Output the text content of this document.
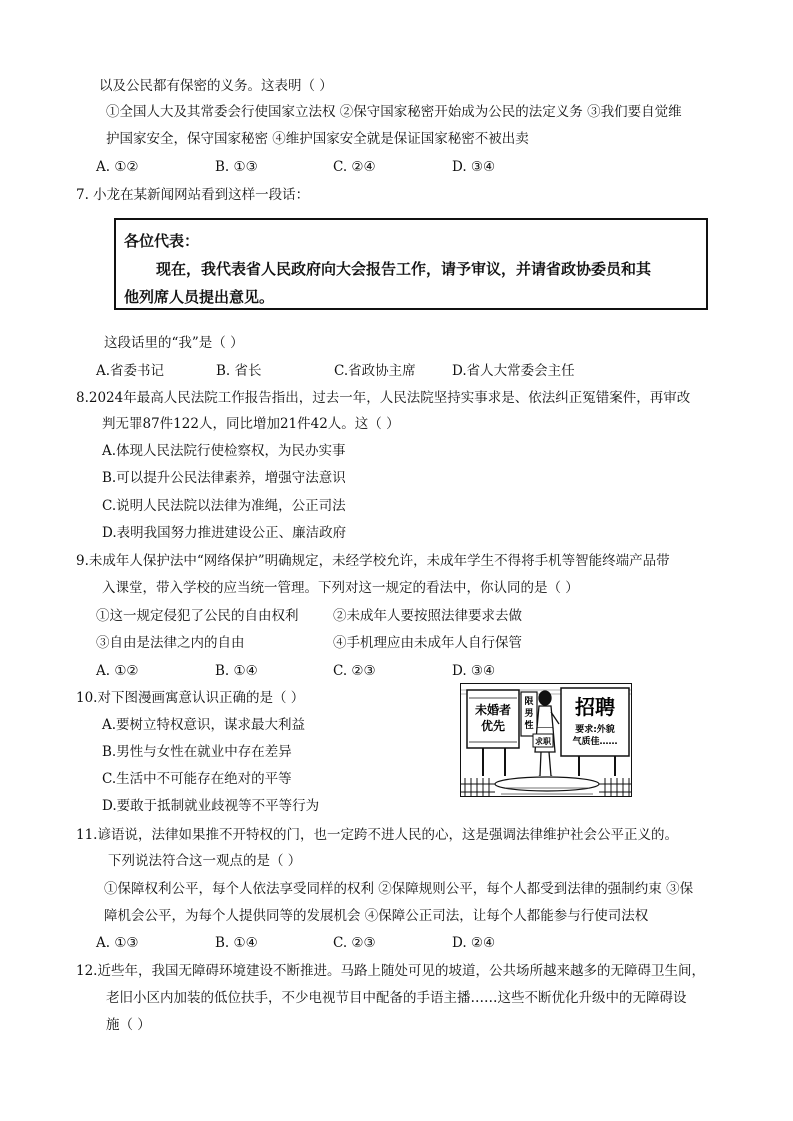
以及公民都有保密的义务。这表明（ ）
①全国人大及其常委会行使国家立法权 ②保守国家秘密开始成为公民的法定义务 ③我们要自觉维
护国家安全，保守国家秘密 ④维护国家安全就是保证国家秘密不被出卖
A. ①②	B. ①③	C. ②④	D. ③④
7. 小龙在某新闻网站看到这样一段话：
各位代表：
现在，我代表省人民政府向大会报告工作，请予审议，并请省政协委员和其
他列席人员提出意见。
这段话里的“我”是（ ）
A.省委书记	B. 省长	C.省政协主席	D.省人大常委会主任
8.2024年最高人民法院工作报告指出，过去一年，人民法院坚持实事求是、依法纠正冤错案件，再审改
判无罪87件122人，同比增加21件42人。这（ ）
A.体现人民法院行使检察权，为民办实事
B.可以提升公民法律素养，增强守法意识
C.说明人民法院以法律为准绳，公正司法
D.表明我国努力推进建设公正、廉洁政府
9.未成年人保护法中“网络保护”明确规定，未经学校允许，未成年学生不得将手机等智能终端产品带
入课堂，带入学校的应当统一管理。下列对这一规定的看法中，你认同的是（ ）
①这一规定侵犯了公民的自由权利	②未成年人要按照法律要求去做
③自由是法律之内的自由	④手机理应由未成年人自行保管
A. ①②	B. ①④	C. ②③	D. ③④
10.对下图漫画寓意认识正确的是（ ）
A.要树立特权意识，谋求最大利益
B.男性与女性在就业中存在差异
C.生活中不可能存在绝对的平等
D.要敢于抵制就业歧视等不平等行为
未婚者
优先
限
男
性
招聘
要求:外貌
气质佳……
求职
11.谚语说，法律如果推不开特权的门，也一定跨不进人民的心，这是强调法律维护社会公平正义的。
下列说法符合这一观点的是（ ）
①保障权利公平，每个人依法享受同样的权利 ②保障规则公平，每个人都受到法律的强制约束 ③保
障机会公平，为每个人提供同等的发展机会 ④保障公正司法，让每个人都能参与行使司法权
A. ①③	B. ①④	C. ②③	D. ②④
12.近些年，我国无障碍环境建设不断推进。马路上随处可见的坡道，公共场所越来越多的无障碍卫生间，
老旧小区内加装的低位扶手，不少电视节目中配备的手语主播……这些不断优化升级中的无障碍设
施（ ）
